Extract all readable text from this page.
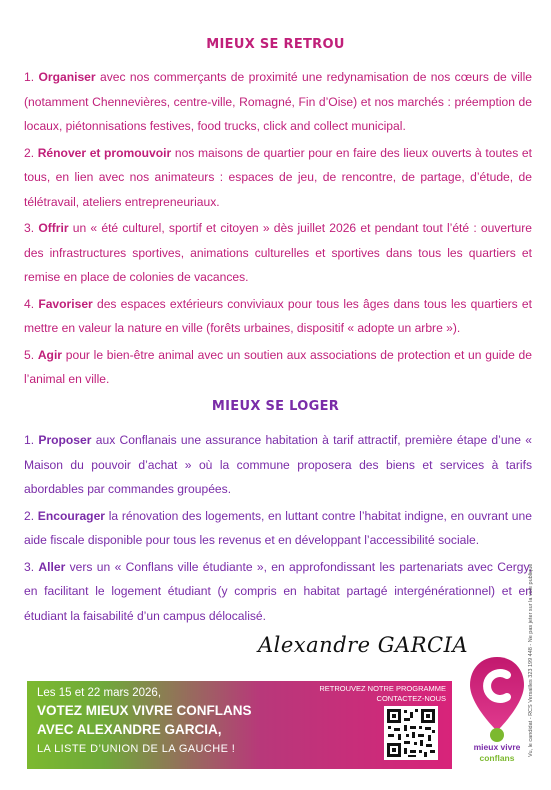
MIEUX SE RETROU

1. Organiser avec nos commerçants de proximité une redynamisation de nos cœurs de ville (notamment Chennevières, centre-ville, Romagné, Fin d’Oise) et nos marchés : préemption de locaux, piétonnisations festives, food trucks, click and collect municipal.

2. Rénover et promouvoir nos maisons de quartier pour en faire des lieux ouverts à toutes et tous, en lien avec nos animateurs : espaces de jeu, de rencontre, de partage, d’étude, de télétravail, ateliers entrepreneuriaux.

3. Offrir un « été culturel, sportif et citoyen » dès juillet 2026 et pendant tout l’été : ouverture des infrastructures sportives, animations culturelles et sportives dans tous les quartiers et remise en place de colonies de vacances.

4. Favoriser des espaces extérieurs conviviaux pour tous les âges dans tous les quartiers et mettre en valeur la nature en ville (forêts urbaines, dispositif « adopte un arbre »).

5. Agir pour le bien-être animal avec un soutien aux associations de protection et un guide de l’animal en ville.

MIEUX SE LOGER

1. Proposer aux Conflanais une assurance habitation à tarif attractif, première étape d’une « Maison du pouvoir d’achat » où la commune proposera des biens et services à tarifs abordables par commandes groupées.

2. Encourager la rénovation des logements, en luttant contre l’habitat indigne, en ouvrant une aide fiscale disponible pour tous les revenus et en développant l’accessibilité sociale.

3. Aller vers un « Conflans ville étudiante », en approfondissant les partenariats avec Cergy, en facilitant le logement étudiant (y compris en habitat partagé intergénérationnel) et en étudiant la faisabilité d’un campus délocalisé.

Alexandre GARCIA	Vu, le candidat - RCS Versailles 323 199 448 - Ne pas jeter sur la voie publique
Les 15 et 22 mars 2026,
VOTEZ MIEUX VIVRE CONFLANS
AVEC ALEXANDRE GARCIA,
LA LISTE D’UNION DE LA GAUCHE !
RETROUVEZ NOTRE PROGRAMME
CONTACTEZ-NOUS
mieux vivre
conflans
